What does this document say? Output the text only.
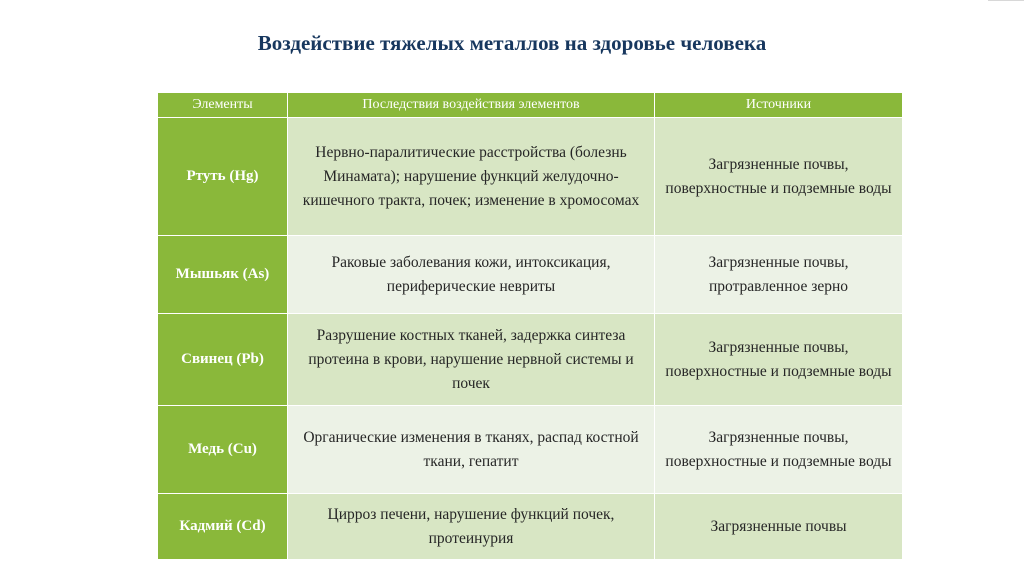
Воздействие тяжелых металлов на здоровье человека
Элементы	Последствия воздействия элементов	Источники
Ртуть (Hg)	Нервно-паралитические расстройства (болезнь Минамата); нарушение функций желудочно- кишечного тракта, почек; изменение в хромосомах	Загрязненные почвы, поверхностные и подземные воды
Мышьяк (As)	Раковые заболевания кожи, интоксикация, периферические невриты	Загрязненные почвы, протравленное зерно
Свинец (Pb)	Разрушение костных тканей, задержка синтеза протеина в крови, нарушение нервной системы и почек	Загрязненные почвы, поверхностные и подземные воды
Медь (Cu)	Органические изменения в тканях, распад костной ткани, гепатит	Загрязненные почвы, поверхностные и подземные воды
Кадмий (Cd)	Цирроз печени, нарушение функций почек, протеинурия	Загрязненные почвы
